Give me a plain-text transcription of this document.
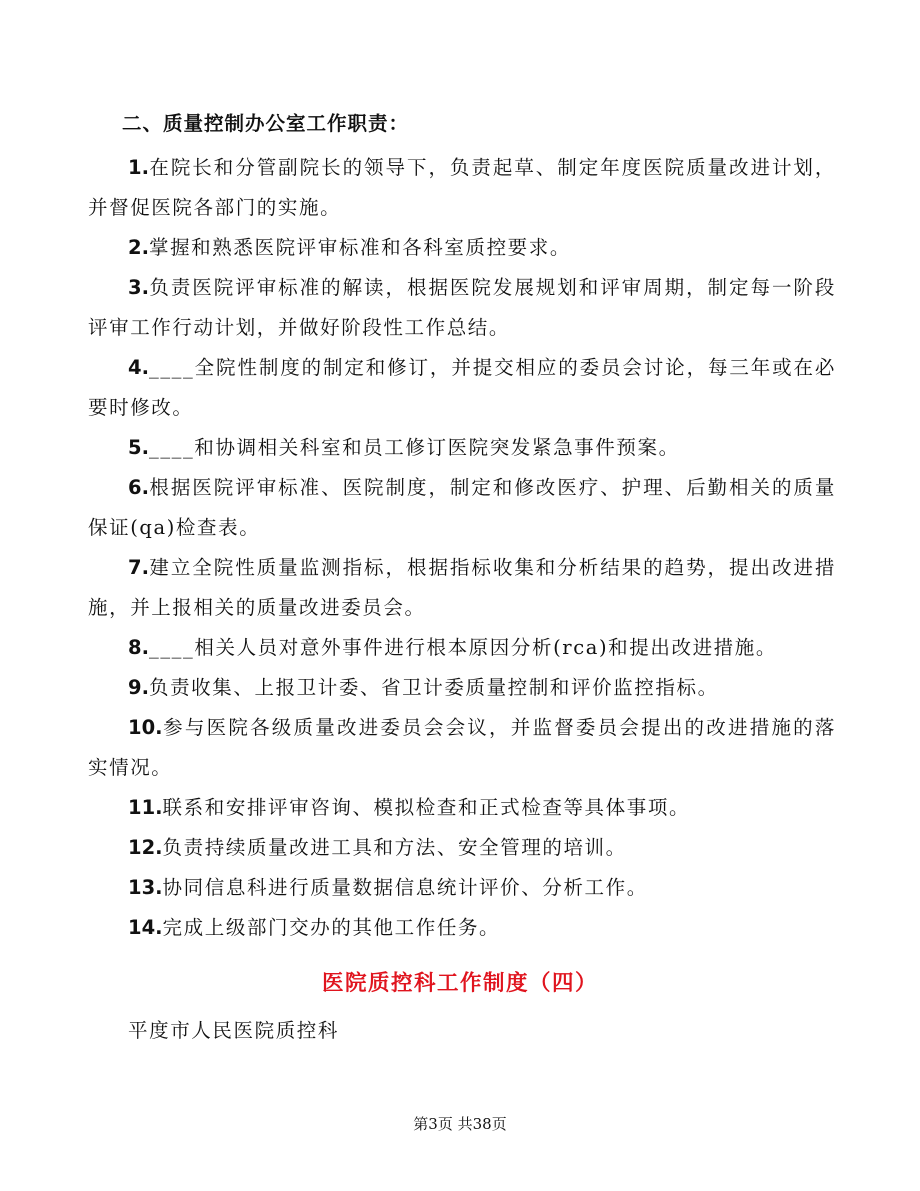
二、质量控制办公室工作职责：
1.在院长和分管副院长的领导下，负责起草、制定年度医院质量改进计划，并督促医院各部门的实施。
2.掌握和熟悉医院评审标准和各科室质控要求。
3.负责医院评审标准的解读，根据医院发展规划和评审周期，制定每一阶段评审工作行动计划，并做好阶段性工作总结。
4.____全院性制度的制定和修订，并提交相应的委员会讨论，每三年或在必要时修改。
5.____和协调相关科室和员工修订医院突发紧急事件预案。
6.根据医院评审标准、医院制度，制定和修改医疗、护理、后勤相关的质量保证(qa)检查表。
7.建立全院性质量监测指标，根据指标收集和分析结果的趋势，提出改进措施，并上报相关的质量改进委员会。
8.____相关人员对意外事件进行根本原因分析(rca)和提出改进措施。
9.负责收集、上报卫计委、省卫计委质量控制和评价监控指标。
10.参与医院各级质量改进委员会会议，并监督委员会提出的改进措施的落实情况。
11.联系和安排评审咨询、模拟检查和正式检查等具体事项。
12.负责持续质量改进工具和方法、安全管理的培训。
13.协同信息科进行质量数据信息统计评价、分析工作。
14.完成上级部门交办的其他工作任务。
医院质控科工作制度（四）
平度市人民医院质控科
第3页 共38页
